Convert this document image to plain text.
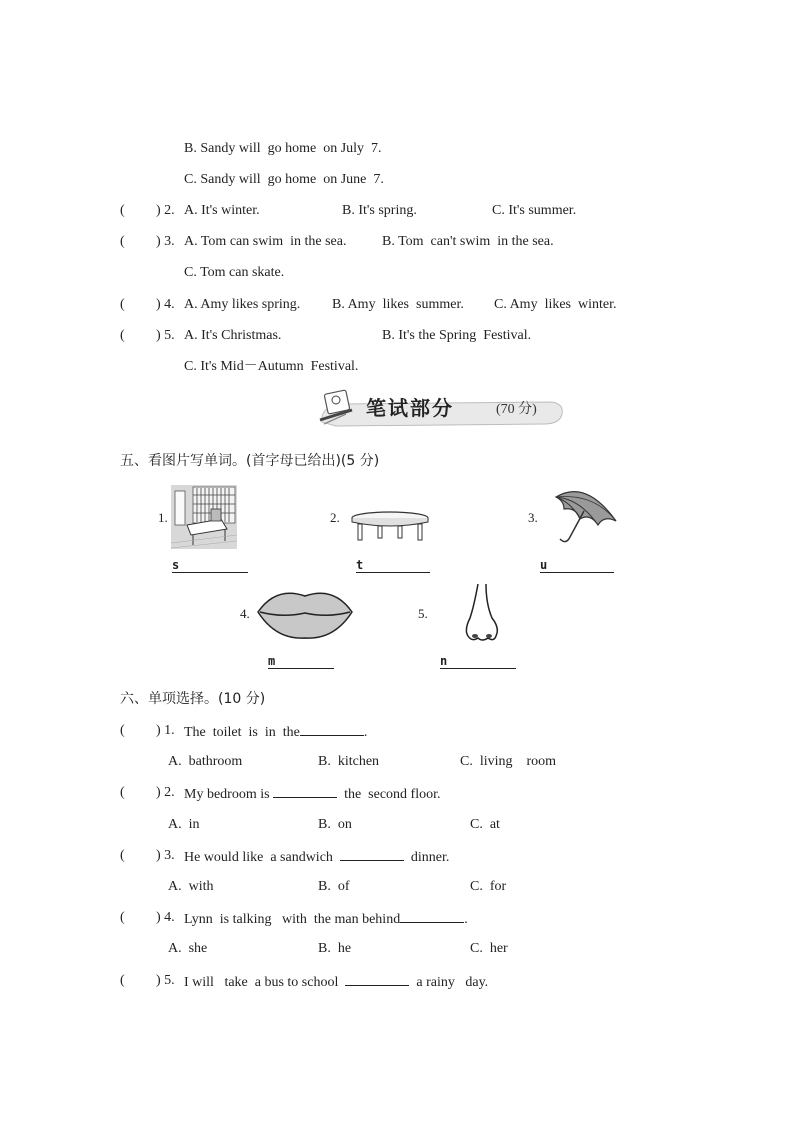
B. Sandy will  go home  on July  7.
C. Sandy will  go home  on June  7.
( ) 2. A. It's winter.	B. It's spring.	C. It's summer.
( ) 3. A. Tom can swim  in the sea.	B. Tom  can't swim  in the sea.
C. Tom can skate.
( ) 4. A. Amy likes spring. B. Amy  likes  summer. C. Amy  likes  winter.
( ) 5. A. It's Christmas.	B. It's the Spring  Festival.
C. It's Mid－Autumn  Festival.
笔试部分	(70 分)
五、看图片写单词。(首字母已给出)(5 分)
1.
s
2.
t
3.
u
4.
m
5.
n
六、单项选择。(10 分)
( ) 1. The  toilet  is  in  the	.
A.  bathroom	B.  kitchen	C.  living    room
( ) 2. My bedroom is	the  second floor.
A.  in	B.  on	C.  at
( ) 3. He would like  a sandwich	dinner.
A.  with	B.  of	C.  for
( ) 4. Lynn  is talking   with  the man behind	.
A.  she	B.  he	C.  her
( ) 5. I will   take  a bus to school	a rainy   day.
